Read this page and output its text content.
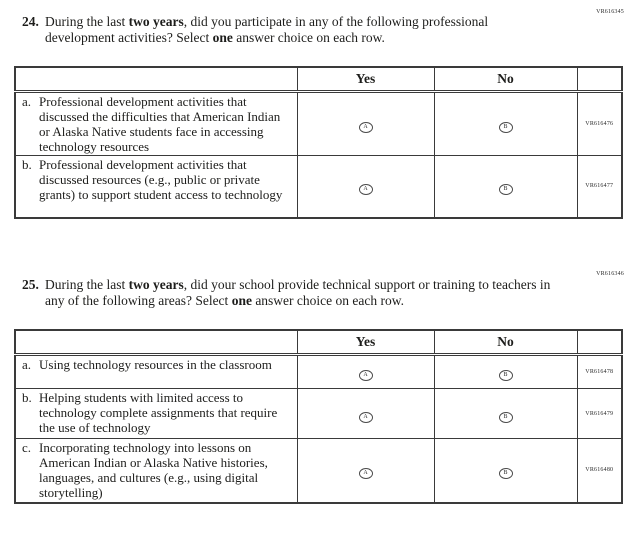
VR616345
24. During the last two years, did you participate in any of the following professional development activities? Select one answer choice on each row.
	Yes	No	

a. Professional development activities that discussed the difficulties that American Indian or Alaska Native students face in accessing technology resources	A	B	VR616476

b. Professional development activities that discussed resources (e.g., public or private grants) to support student access to technology	A	B	VR616477
VR616346
25. During the last two years, did your school provide technical support or training to teachers in any of the following areas? Select one answer choice on each row.
	Yes	No	

a. Using technology resources in the classroom	A	B	VR616478

b. Helping students with limited access to technology complete assignments that require the use of technology	A	B	VR616479

c. Incorporating technology into lessons on American Indian or Alaska Native histories, languages, and cultures (e.g., using digital storytelling)	A	B	VR616480
